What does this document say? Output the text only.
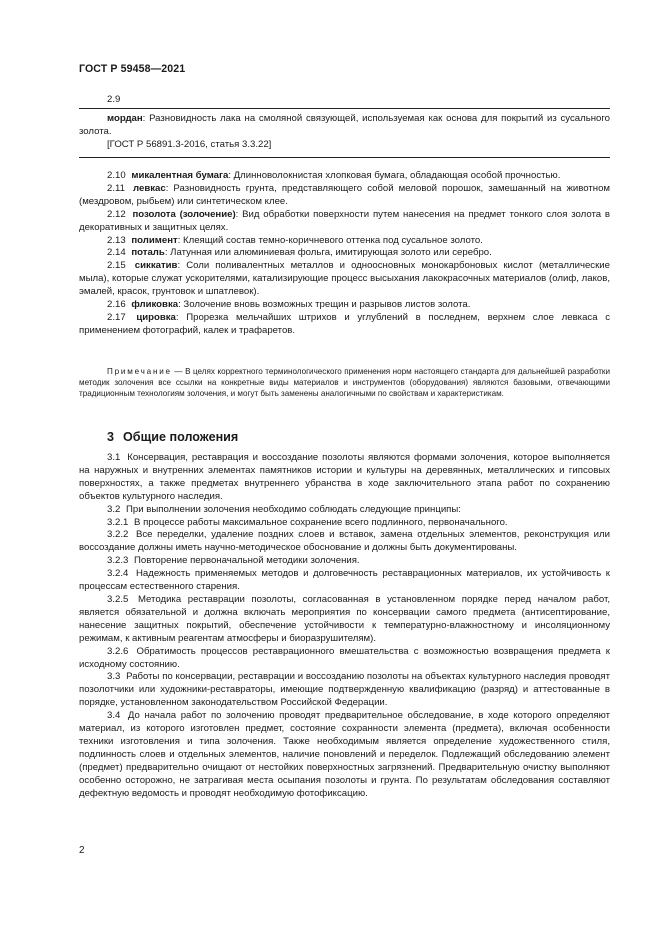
ГОСТ Р 59458—2021
2.9

мордан: Разновидность лака на смоляной связующей, используемая как основа для покрытий из сусального золота.

[ГОСТ Р 56891.3-2016, статья 3.3.22]

2.10 микалентная бумага: Длинноволокнистая хлопковая бумага, обладающая особой прочностью.

2.11 левкас: Разновидность грунта, представляющего собой меловой порошок, замешанный на животном (мездровом, рыбьем) или синтетическом клее.

2.12 позолота (золочение): Вид обработки поверхности путем нанесения на предмет тонкого слоя золота в декоративных и защитных целях.

2.13 полимент: Клеящий состав темно-коричневого оттенка под сусальное золото.

2.14 поталь: Латунная или алюминиевая фольга, имитирующая золото или серебро.

2.15 сиккатив: Соли поливалентных металлов и одноосновных монокарбоновых кислот (металлические мыла), которые служат ускорителями, катализирующие процесс высыхания лакокрасочных материалов (олиф, лаков, эмалей, красок, грунтовок и шпатлевок).

2.16 фликовка: Золочение вновь возможных трещин и разрывов листов золота.

2.17 цировка: Прорезка мельчайших штрихов и углублений в последнем, верхнем слое левкаса с применением фотографий, калек и трафаретов.

Примечание — В целях корректного терминологического применения норм настоящего стандарта для дальнейшей разработки методик золочения все ссылки на конкретные виды материалов и инструментов (оборудования) являются базовыми, отвечающими традиционным технологиям золочения, и могут быть заменены аналогичными по свойствам и характеристикам.

3 Общие положения

3.1 Консервация, реставрация и воссоздание позолоты являются формами золочения, которое выполняется на наружных и внутренних элементах памятников истории и культуры на деревянных, металлических и гипсовых поверхностях, а также предметах внутреннего убранства в ходе заключительного этапа работ по сохранению объектов культурного наследия.

3.2 При выполнении золочения необходимо соблюдать следующие принципы:

3.2.1 В процессе работы максимальное сохранение всего подлинного, первоначального.

3.2.2 Все переделки, удаление поздних слоев и вставок, замена отдельных элементов, реконструкция или воссоздание должны иметь научно-методическое обоснование и должны быть документированы.

3.2.3 Повторение первоначальной методики золочения.

3.2.4 Надежность применяемых методов и долговечность реставрационных материалов, их устойчивость к процессам естественного старения.

3.2.5 Методика реставрации позолоты, согласованная в установленном порядке перед началом работ, является обязательной и должна включать мероприятия по консервации самого предмета (антисептирование, нанесение защитных покрытий, обеспечение устойчивости к температурно-влажностному и инсоляционному режимам, к активным реагентам атмосферы и биоразрушителям).

3.2.6 Обратимость процессов реставрационного вмешательства с возможностью возвращения предмета к исходному состоянию.

3.3 Работы по консервации, реставрации и воссозданию позолоты на объектах культурного наследия проводят позолотчики или художники-реставраторы, имеющие подтвержденную квалификацию (разряд) и аттестованные в порядке, установленном законодательством Российской Федерации.

3.4 До начала работ по золочению проводят предварительное обследование, в ходе которого определяют материал, из которого изготовлен предмет, состояние сохранности элемента (предмета), включая особенности техники изготовления и типа золочения. Также необходимым является определение художественного стиля, подлинность слоев и отдельных элементов, наличие поновлений и переделок. Подлежащий обследованию элемент (предмет) предварительно очищают от нестойких поверхностных загрязнений. Предварительную очистку выполняют особенно осторожно, не затрагивая места осыпания позолоты и грунта. По результатам обследования составляют дефектную ведомость и проводят необходимую фотофиксацию.

2
